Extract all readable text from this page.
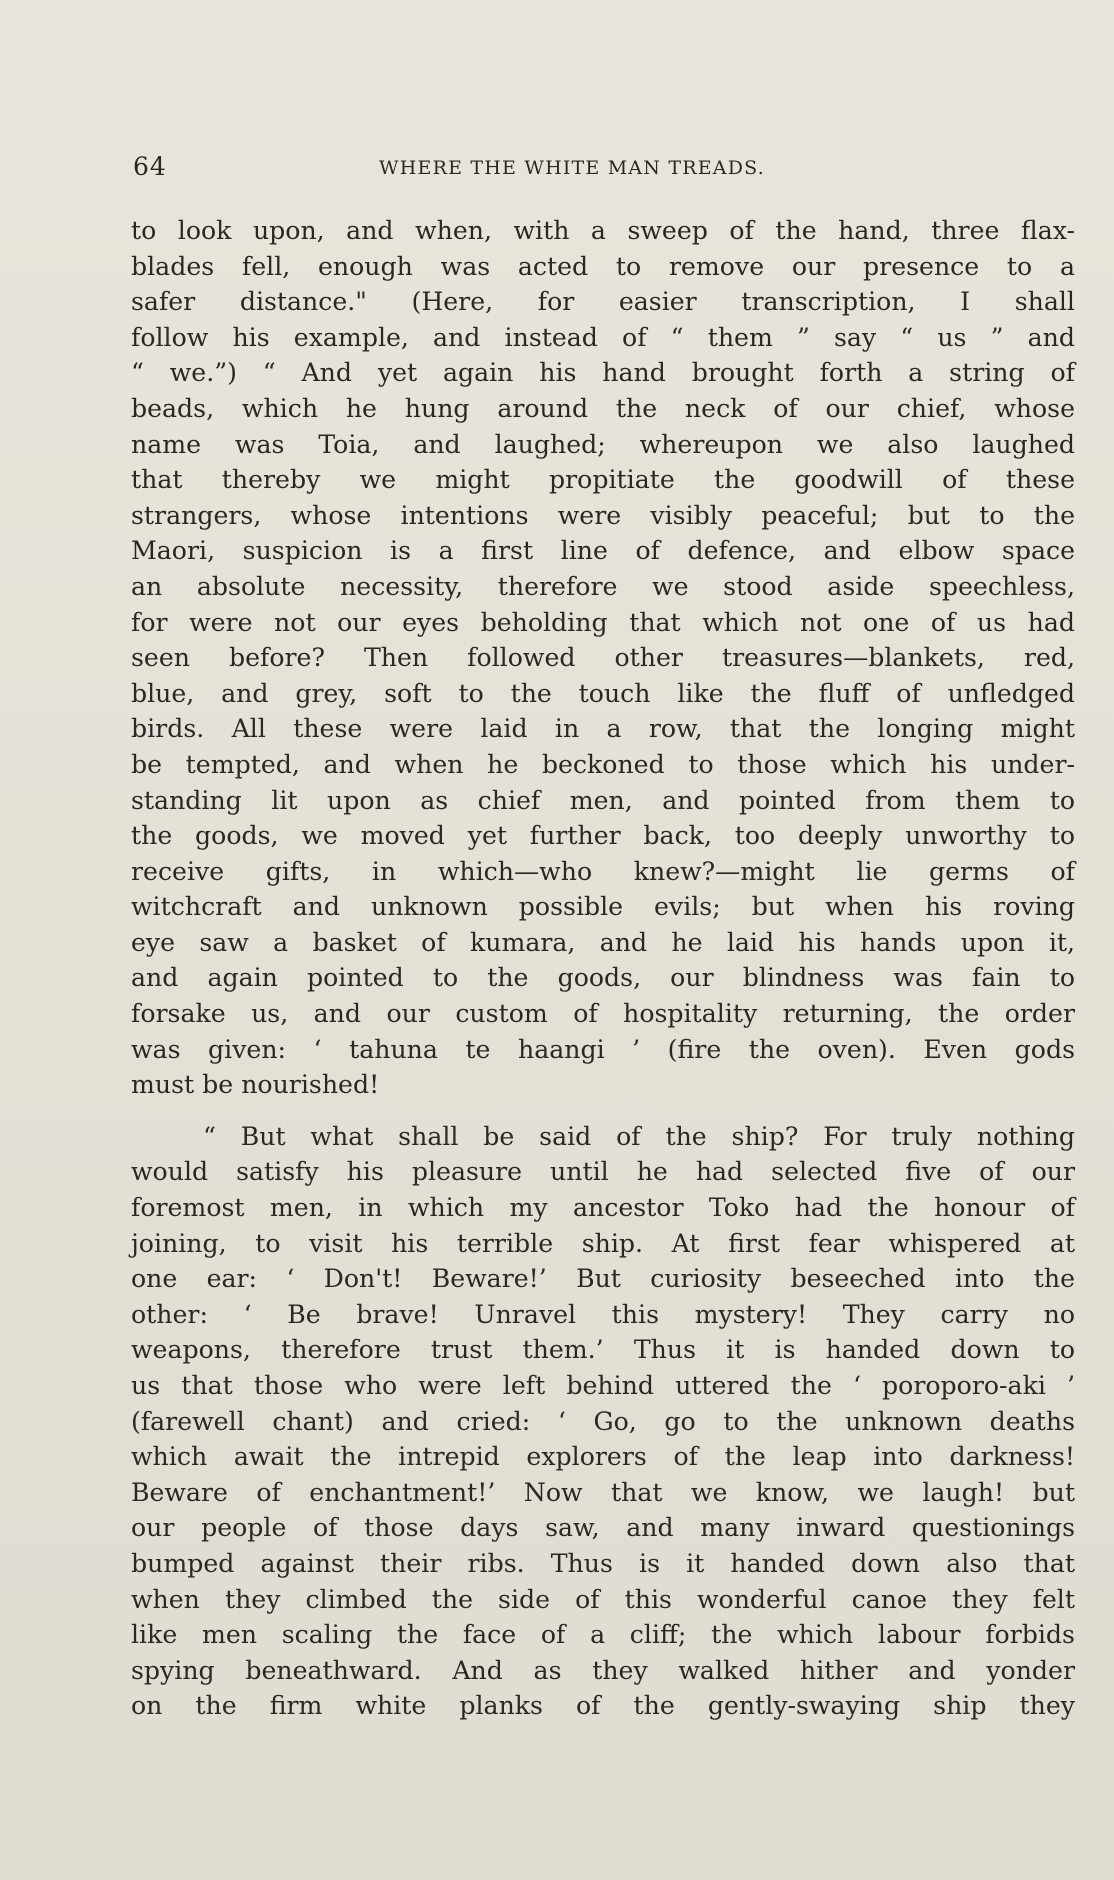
64	WHERE THE WHITE MAN TREADS.

to look upon, and when, with a sweep of the hand, three flax-
blades fell, enough was acted to remove our presence to a
safer distance." (Here, for easier transcription, I shall
follow his example, and instead of “ them ” say “ us ” and
“ we.”) “ And yet again his hand brought forth a string of
beads, which he hung around the neck of our chief, whose
name was Toia, and laughed; whereupon we also laughed
that thereby we might propitiate the goodwill of these
strangers, whose intentions were visibly peaceful; but to the
Maori, suspicion is a first line of defence, and elbow space
an absolute necessity, therefore we stood aside speechless,
for were not our eyes beholding that which not one of us had
seen before? Then followed other treasures—blankets, red,
blue, and grey, soft to the touch like the fluff of unfledged
birds. All these were laid in a row, that the longing might
be tempted, and when he beckoned to those which his under-
standing lit upon as chief men, and pointed from them to
the goods, we moved yet further back, too deeply unworthy to
receive gifts, in which—who knew?—might lie germs of
witchcraft and unknown possible evils; but when his roving
eye saw a basket of kumara, and he laid his hands upon it,
and again pointed to the goods, our blindness was fain to
forsake us, and our custom of hospitality returning, the order
was given: ‘ tahuna te haangi ’ (fire the oven). Even gods
must be nourished!

“ But what shall be said of the ship? For truly nothing
would satisfy his pleasure until he had selected five of our
foremost men, in which my ancestor Toko had the honour of
joining, to visit his terrible ship. At first fear whispered at
one ear: ‘ Don't! Beware!’ But curiosity beseeched into the
other: ‘ Be brave! Unravel this mystery! They carry no
weapons, therefore trust them.’ Thus it is handed down to
us that those who were left behind uttered the ‘ poroporo-aki ’
(farewell chant) and cried: ‘ Go, go to the unknown deaths
which await the intrepid explorers of the leap into darkness!
Beware of enchantment!’ Now that we know, we laugh! but
our people of those days saw, and many inward questionings
bumped against their ribs. Thus is it handed down also that
when they climbed the side of this wonderful canoe they felt
like men scaling the face of a cliff; the which labour forbids
spying beneathward. And as they walked hither and yonder
on the firm white planks of the gently-swaying ship they
